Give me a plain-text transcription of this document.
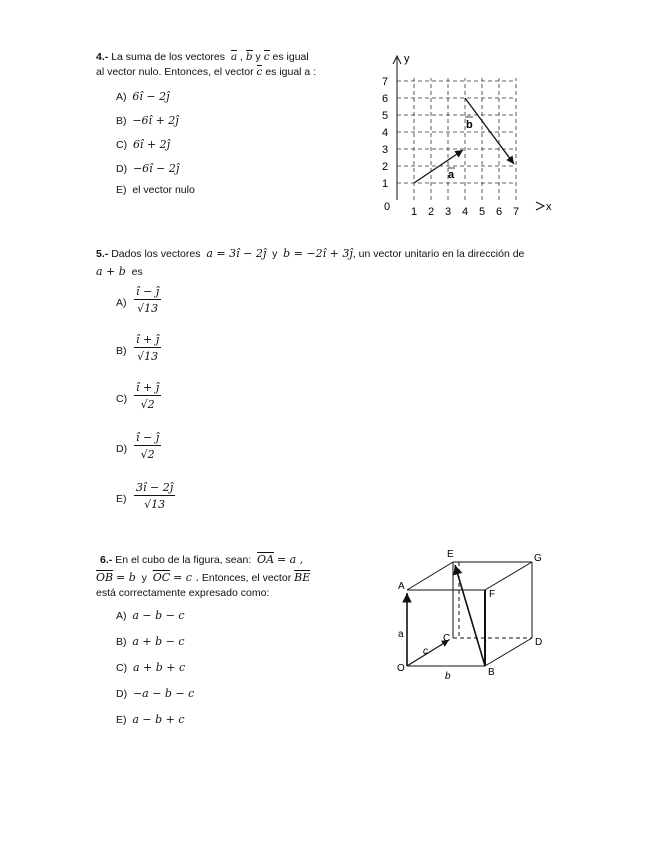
4.- La suma de los vectores a , b y c es igual
al vector nulo. Entonces, el vector c es igual a :
A) 6î − 2ĵ
B) −6î + 2ĵ
C) 6î + 2ĵ
D) −6î − 2ĵ
E) el vector nulo
y
x
0
1
2
3
4
5
6
7
1 2 3 4 5 6 7
a
b
5.- Dados los vectores a = 3î − 2ĵ y b = −2î + 3ĵ, un vector unitario en la dirección de
a + b es
$A) \frac{î - ĵ}{√13}$
$B) \frac{î + ĵ}{√13}$
$C) \frac{î + ĵ}{√2}$
$D) \frac{î - ĵ}{√2}$
$E) \frac{3î - 2ĵ}{√13}$
6.- En el cubo de la figura, sean: $\overline{OA} = a$ ,
$\overline{OB} = b$ y $\overline{OC} = c$ . Entonces, el vector $\overline{BE}$
está correctamente expresado como:
A) a − b − c
B) a + b − c
C) a + b + c
D) −a − b − c
E) a − b + c
E	G
A
F
C	D
O	B
a
b
c
